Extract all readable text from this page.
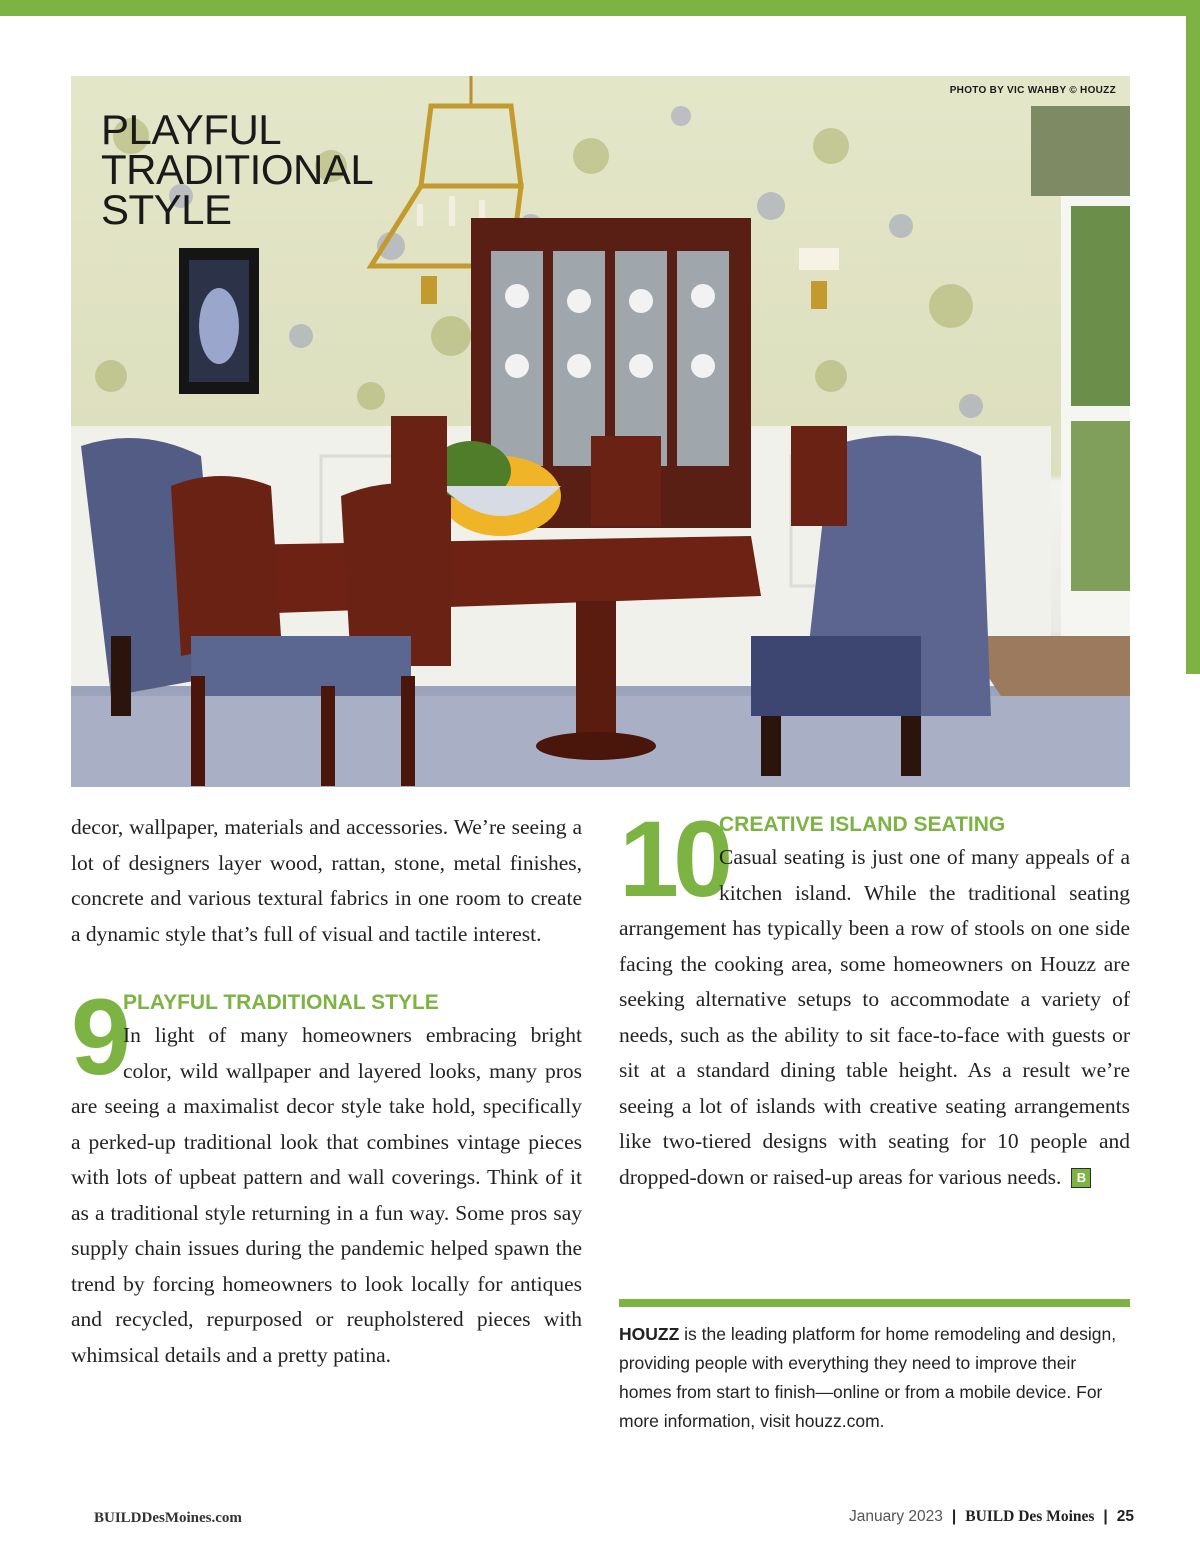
PHOTO BY VIC WAHBY © HOUZZ
PLAYFUL TRADITIONAL STYLE

decor, wallpaper, materials and accessories. We’re seeing a lot of designers layer wood, rattan, stone, metal finishes, concrete and various textural fabrics in one room to create a dynamic style that’s full of visual and tactile interest.

9
PLAYFUL TRADITIONAL STYLE

In light of many homeowners embracing bright color, wild wallpaper and layered looks, many pros are seeing a maximalist decor style take hold, specifically a perked-up traditional look that combines vintage pieces with lots of upbeat pattern and wall coverings. Think of it as a traditional style returning in a fun way. Some pros say supply chain issues during the pandemic helped spawn the trend by forcing homeowners to look locally for antiques and recycled, repurposed or reupholstered pieces with whimsical details and a pretty patina.

10
CREATIVE ISLAND SEATING

Casual seating is just one of many appeals of a kitchen island. While the traditional seating arrangement has typically been a row of stools on one side facing the cooking area, some homeowners on Houzz are seeking alternative setups to accommodate a variety of needs, such as the ability to sit face-to-face with guests or sit at a standard dining table height. As a result we’re seeing a lot of islands with creative seating arrangements like two-tiered designs with seating for 10 people and dropped-down or raised-up areas for various needs. B

HOUZZ is the leading platform for home remodeling and design, providing people with everything they need to improve their homes from start to finish—online or from a mobile device. For more information, visit houzz.com.
BUILDDesMoines.com	January 2023 | BUILD Des Moines | 25
